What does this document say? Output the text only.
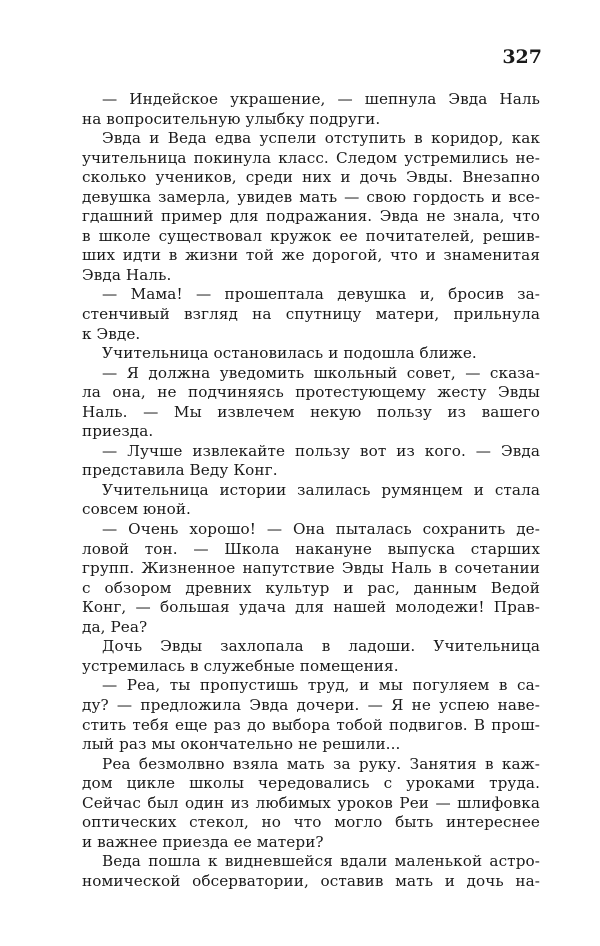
327
— Индейское украшение, — шепнула Эвда Наль
на вопросительную улыбку подруги.
Эвда и Веда едва успели отступить в коридор, как
учительница покинула класс. Следом устремились не-
сколько учеников, среди них и дочь Эвды. Внезапно
девушка замерла, увидев мать — свою гордость и все-
гдашний пример для подражания. Эвда не знала, что
в школе существовал кружок ее почитателей, решив-
ших идти в жизни той же дорогой, что и знаменитая
Эвда Наль.
— Мама! — прошептала девушка и, бросив за-
стенчивый взгляд на спутницу матери, прильнула
к Эвде.
Учительница остановилась и подошла ближе.
— Я должна уведомить школьный совет, — сказа-
ла она, не подчиняясь протестующему жесту Эвды
Наль. — Мы извлечем некую пользу из вашего
приезда.
— Лучше извлекайте пользу вот из кого. — Эвда
представила Веду Конг.
Учительница истории залилась румянцем и стала
совсем юной.
— Очень хорошо! — Она пыталась сохранить де-
ловой тон. — Школа накануне выпуска старших
групп. Жизненное напутствие Эвды Наль в сочетании
с обзором древних культур и рас, данным Ведой
Конг, — большая удача для нашей молодежи! Прав-
да, Реа?
Дочь Эвды захлопала в ладоши. Учительница
устремилась в служебные помещения.
— Реа, ты пропустишь труд, и мы погуляем в са-
ду? — предложила Эвда дочери. — Я не успею наве-
стить тебя еще раз до выбора тобой подвигов. В прош-
лый раз мы окончательно не решили...
Реа безмолвно взяла мать за руку. Занятия в каж-
дом цикле школы чередовались с уроками труда.
Сейчас был один из любимых уроков Реи — шлифовка
оптических стекол, но что могло быть интереснее
и важнее приезда ее матери?
Веда пошла к видневшейся вдали маленькой астро-
номической обсерватории, оставив мать и дочь на-
